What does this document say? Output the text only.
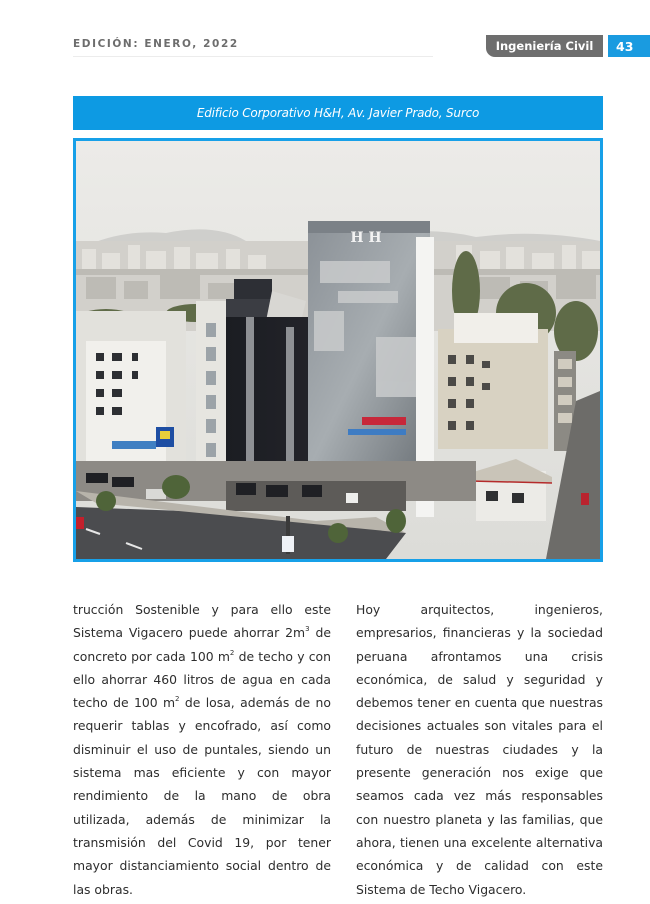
EDICIÓN: ENERO, 2022	Ingeniería Civil 43
Edificio Corporativo H&H, Av. Javier Prado, Surco
H H

trucción Sostenible y para ello este Sistema Vigacero puede ahorrar $2m^3$ de concreto por cada 100 $m^2$ de techo y con ello ahorrar 460 litros de agua en cada techo de 100 $m^2$ de losa, además de no requerir tablas y encofrado, así como disminuir el uso de puntales, siendo un sistema mas eficiente y con mayor rendimiento de la mano de obra utilizada, además de minimizar la transmisión del Covid 19, por tener mayor distanciamiento social dentro de las obras.

Hoy arquitectos, ingenieros, empresarios, financieras y la sociedad peruana afrontamos una crisis económica, de salud y seguridad y debemos tener en cuenta que nuestras decisiones actuales son vitales para el futuro de nuestras ciudades y la presente generación nos exige que seamos cada vez más responsables con nuestro planeta y las familias, que ahora, tienen una excelente alternativa económica y de calidad con este Sistema de Techo Vigacero.
